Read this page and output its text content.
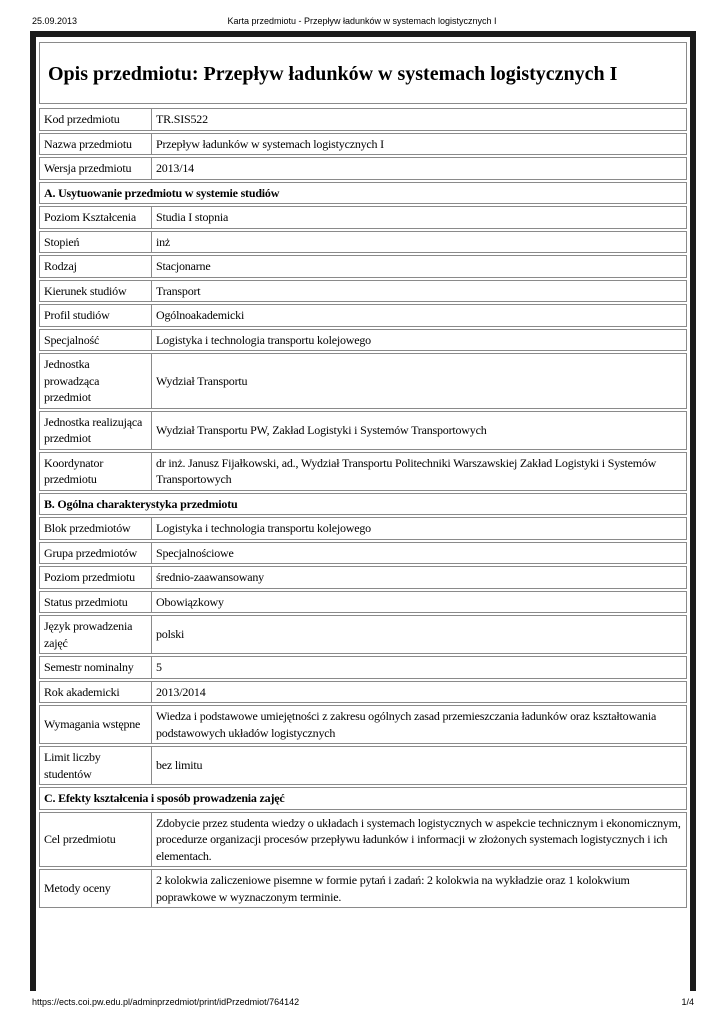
25.09.2013	Karta przedmiotu - Przepływ ładunków w systemach logistycznych I
Opis przedmiotu: Przepływ ładunków w systemach logistycznych I
Kod przedmiotu	TR.SIS522
Nazwa przedmiotu	Przepływ ładunków w systemach logistycznych I
Wersja przedmiotu	2013/14
A. Usytuowanie przedmiotu w systemie studiów	
Poziom Kształcenia	Studia I stopnia
Stopień	inż
Rodzaj	Stacjonarne
Kierunek studiów	Transport
Profil studiów	Ogólnoakademicki
Specjalność	Logistyka i technologia transportu kolejowego
Jednostka prowadząca przedmiot	Wydział Transportu
Jednostka realizująca przedmiot	Wydział Transportu PW, Zakład Logistyki i Systemów Transportowych
Koordynator przedmiotu	dr inż. Janusz Fijałkowski, ad., Wydział Transportu Politechniki Warszawskiej Zakład Logistyki i Systemów Transportowych
B. Ogólna charakterystyka przedmiotu	
Blok przedmiotów	Logistyka i technologia transportu kolejowego
Grupa przedmiotów	Specjalnościowe
Poziom przedmiotu	średnio-zaawansowany
Status przedmiotu	Obowiązkowy
Język prowadzenia zajęć	polski
Semestr nominalny	5
Rok akademicki	2013/2014
Wymagania wstępne	Wiedza i podstawowe umiejętności z zakresu ogólnych zasad przemieszczania ładunków oraz kształtowania podstawowych układów logistycznych
Limit liczby studentów	bez limitu
C. Efekty kształcenia i sposób prowadzenia zajęć	
Cel przedmiotu	Zdobycie przez studenta wiedzy o układach i systemach logistycznych w aspekcie technicznym i ekonomicznym, procedurze organizacji procesów przepływu ładunków i informacji w złożonych systemach logistycznych i ich elementach.
Metody oceny	2 kolokwia zaliczeniowe pisemne w formie pytań i zadań: 2 kolokwia na wykładzie oraz 1 kolokwium poprawkowe w wyznaczonym terminie.
https://ects.coi.pw.edu.pl/adminprzedmiot/print/idPrzedmiot/764142	1/4
